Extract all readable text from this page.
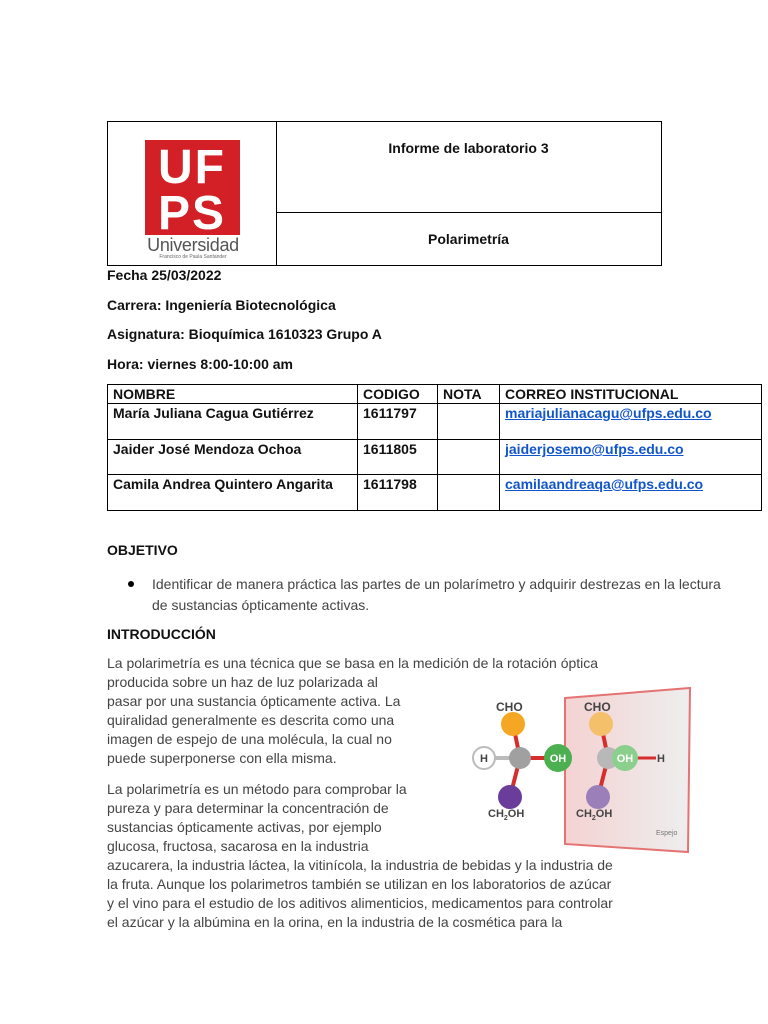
UF
PS
Universidad
Francisco de Paula Santander
Informe de laboratorio 3
Polarimetría
Fecha 25/03/2022
Carrera: Ingeniería Biotecnológica
Asignatura: Bioquímica 1610323 Grupo A
Hora: viernes 8:00-10:00 am
NOMBRE	CODIGO	NOTA	CORREO INSTITUCIONAL
María Juliana Cagua Gutiérrez	1611797		mariajulianacagu@ufps.edu.co
Jaider José Mendoza Ochoa	1611805		jaiderjosemo@ufps.edu.co
Camila Andrea Quintero Angarita	1611798		camilaandreaqa@ufps.edu.co
OBJETIVO
Identificar de manera práctica las partes de un polarímetro y adquirir destrezas en la lectura de sustancias ópticamente activas.
INTRODUCCIÓN
La polarimetría es una técnica que se basa en la medición de la rotación óptica
producida sobre un haz de luz polarizada al
pasar por una sustancia ópticamente activa. La
quiralidad generalmente es descrita como una
imagen de espejo de una molécula, la cual no
puede superponerse con ella misma.
La polarimetría es un método para comprobar la
pureza y para determinar la concentración de
sustancias ópticamente activas, por ejemplo
glucosa, fructosa, sacarosa en la industria
azucarera, la industria láctea, la vitinícola, la industria de bebidas y la industria de
la fruta. Aunque los polarimetros también se utilizan en los laboratorios de azúcar
y el vino para el estudio de los aditivos alimenticios, medicamentos para controlar
el azúcar y la albúmina en la orina, en la industria de la cosmética para la
Espejo
CHO
H	OH
$CH_2OH$
CHO
OH H
$CH_2OH$
